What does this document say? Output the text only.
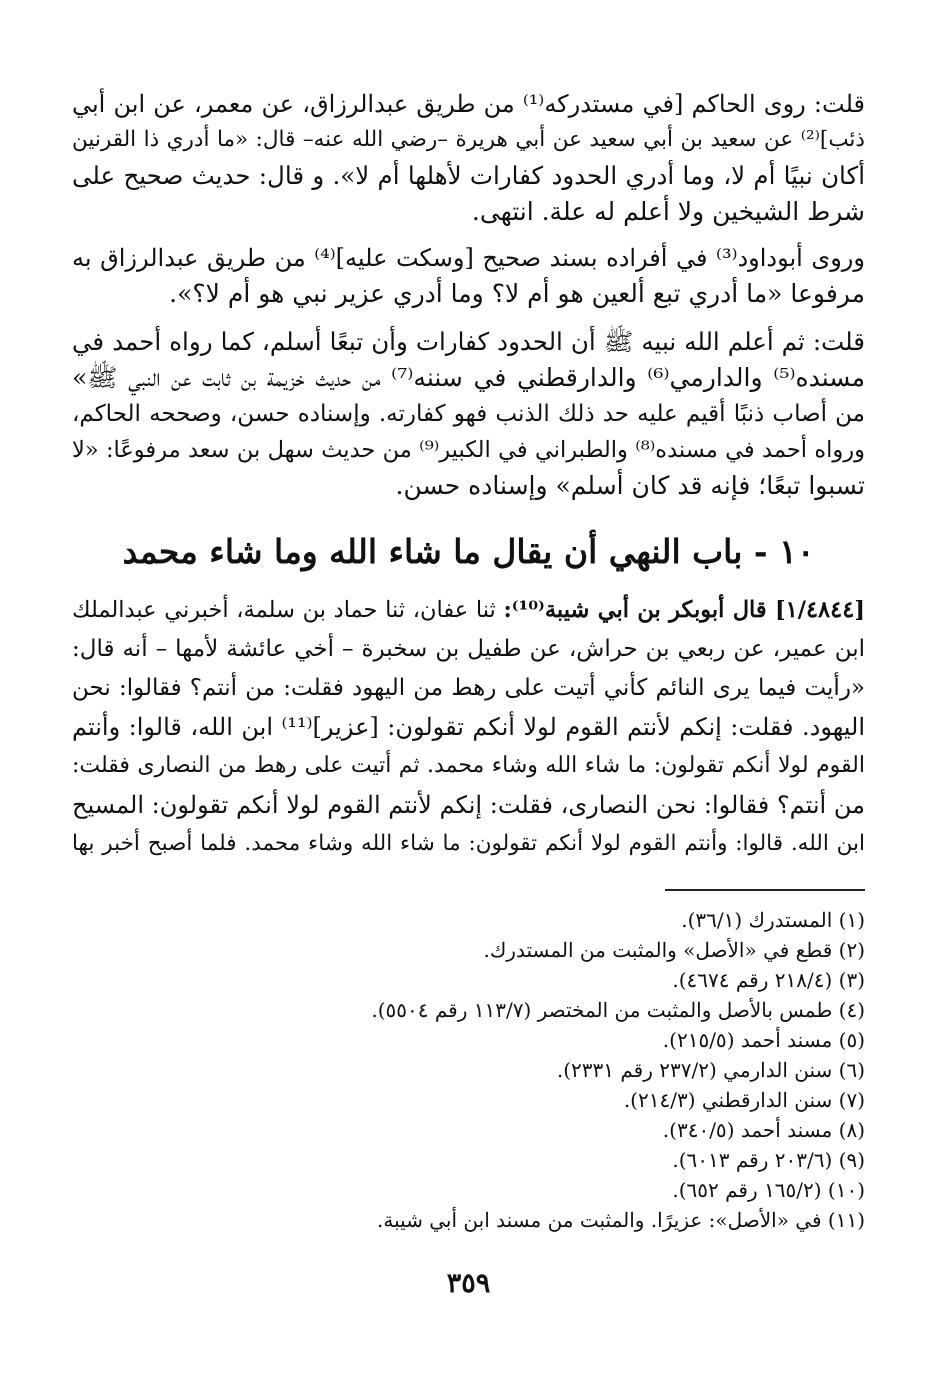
قلت: روى الحاكم [في مستدركه⁽¹⁾ من طريق عبدالرزاق، عن معمر، عن ابن أبي
ذئب]⁽²⁾ عن سعيد بن أبي سعيد عن أبي هريرة –رضي الله عنه– قال: «ما أدري ذا القرنين
أكان نبيًا أم لا، وما أدري الحدود كفارات لأهلها أم لا». و قال: حديث صحيح على
شرط الشيخين ولا أعلم له علة. انتهى.
وروى أبوداود⁽³⁾ في أفراده بسند صحيح [وسكت عليه]⁽⁴⁾ من طريق عبدالرزاق به
مرفوعا «ما أدري تبع ألعين هو أم لا؟ وما أدري عزير نبي هو أم لا؟».
قلت: ثم أعلم الله نبيه ﷺ أن الحدود كفارات وأن تبعًا أسلم، كما رواه أحمد في
مسنده⁽⁵⁾ والدارمي⁽⁶⁾ والدارقطني في سننه⁽⁷⁾ من حديث خزيمة بن ثابت عن النبي ﷺ»
من أصاب ذنبًا أقيم عليه حد ذلك الذنب فهو كفارته. وإسناده حسن، وصححه الحاكم،
ورواه أحمد في مسنده⁽⁸⁾ والطبراني في الكبير⁽⁹⁾ من حديث سهل بن سعد مرفوعًا: «لا
تسبوا تبعًا؛ فإنه قد كان أسلم» وإسناده حسن.
١٠ - باب النهي أن يقال ما شاء الله وما شاء محمد
[١/٤٨٤٤] قال أبوبكر بن أبي شيبة⁽¹⁰⁾: ثنا عفان، ثنا حماد بن سلمة، أخبرني عبدالملك
ابن عمير، عن ربعي بن حراش، عن طفيل بن سخبرة – أخي عائشة لأمها – أنه قال:
«رأيت فيما يرى النائم كأني أتيت على رهط من اليهود فقلت: من أنتم؟ فقالوا: نحن
اليهود. فقلت: إنكم لأنتم القوم لولا أنكم تقولون: [عزير]⁽¹¹⁾ ابن الله، قالوا: وأنتم
القوم لولا أنكم تقولون: ما شاء الله وشاء محمد. ثم أتيت على رهط من النصارى فقلت:
من أنتم؟ فقالوا: نحن النصارى، فقلت: إنكم لأنتم القوم لولا أنكم تقولون: المسيح
ابن الله. قالوا: وأنتم القوم لولا أنكم تقولون: ما شاء الله وشاء محمد. فلما أصبح أخبر بها
(١) المستدرك (٣٦/١).
(٢) قطع في «الأصل» والمثبت من المستدرك.
(٣) (٢١٨/٤ رقم ٤٦٧٤).
(٤) طمس بالأصل والمثبت من المختصر (١١٣/٧ رقم ٥٥٠٤).
(٥) مسند أحمد (٢١٥/٥).
(٦) سنن الدارمي (٢٣٧/٢ رقم ٢٣٣١).
(٧) سنن الدارقطني (٢١٤/٣).
(٨) مسند أحمد (٣٤٠/٥).
(٩) (٢٠٣/٦ رقم ٦٠١٣).
(١٠) (١٦٥/٢ رقم ٦٥٢).
(١١) في «الأصل»: عزيرًا. والمثبت من مسند ابن أبي شيبة.
٣٥٩
